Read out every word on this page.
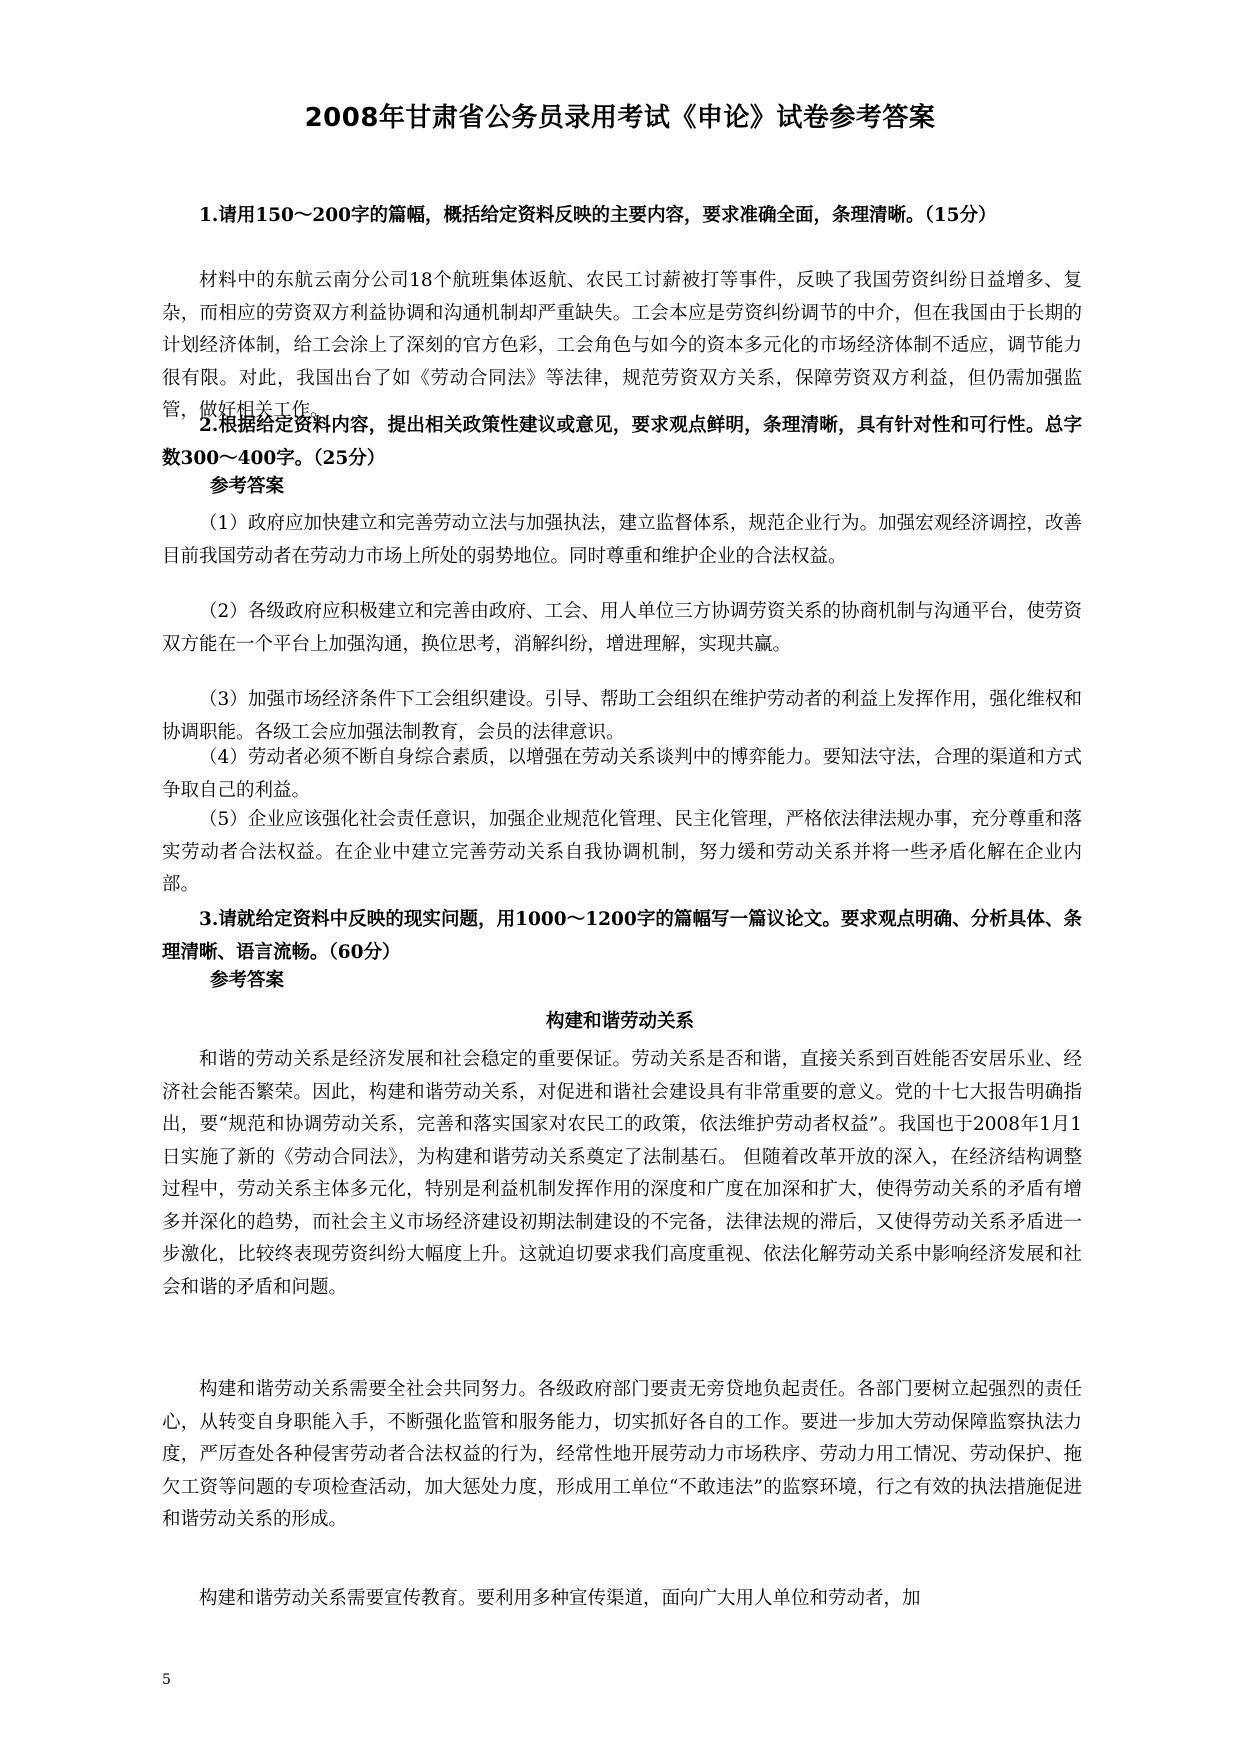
2008年甘肃省公务员录用考试《申论》试卷参考答案

1.请用150～200字的篇幅，概括给定资料反映的主要内容，要求准确全面，条理清晰。（15分）

材料中的东航云南分公司18个航班集体返航、农民工讨薪被打等事件，反映了我国劳资纠纷日益增多、复杂，而相应的劳资双方利益协调和沟通机制却严重缺失。工会本应是劳资纠纷调节的中介，但在我国由于长期的计划经济体制，给工会涂上了深刻的官方色彩，工会角色与如今的资本多元化的市场经济体制不适应，调节能力很有限。对此，我国出台了如《劳动合同法》等法律，规范劳资双方关系，保障劳资双方利益，但仍需加强监管，做好相关工作。

2.根据给定资料内容，提出相关政策性建议或意见，要求观点鲜明，条理清晰，具有针对性和可行性。总字数300～400字。（25分）

参考答案

（1）政府应加快建立和完善劳动立法与加强执法，建立监督体系，规范企业行为。加强宏观经济调控，改善目前我国劳动者在劳动力市场上所处的弱势地位。同时尊重和维护企业的合法权益。

（2）各级政府应积极建立和完善由政府、工会、用人单位三方协调劳资关系的协商机制与沟通平台，使劳资双方能在一个平台上加强沟通，换位思考，消解纠纷，增进理解，实现共赢。

（3）加强市场经济条件下工会组织建设。引导、帮助工会组织在维护劳动者的利益上发挥作用，强化维权和协调职能。各级工会应加强法制教育，会员的法律意识。

（4）劳动者必须不断自身综合素质，以增强在劳动关系谈判中的博弈能力。要知法守法，合理的渠道和方式争取自己的利益。

（5）企业应该强化社会责任意识，加强企业规范化管理、民主化管理，严格依法律法规办事，充分尊重和落实劳动者合法权益。在企业中建立完善劳动关系自我协调机制，努力缓和劳动关系并将一些矛盾化解在企业内部。

3.请就给定资料中反映的现实问题，用1000～1200字的篇幅写一篇议论文。要求观点明确、分析具体、条理清晰、语言流畅。（60分）

参考答案

构建和谐劳动关系

和谐的劳动关系是经济发展和社会稳定的重要保证。劳动关系是否和谐，直接关系到百姓能否安居乐业、经济社会能否繁荣。因此，构建和谐劳动关系，对促进和谐社会建设具有非常重要的意义。党的十七大报告明确指出，要“规范和协调劳动关系，完善和落实国家对农民工的政策，依法维护劳动者权益”。我国也于2008年1月1日实施了新的《劳动合同法》，为构建和谐劳动关系奠定了法制基石。 但随着改革开放的深入，在经济结构调整过程中，劳动关系主体多元化，特别是利益机制发挥作用的深度和广度在加深和扩大，使得劳动关系的矛盾有增多并深化的趋势，而社会主义市场经济建设初期法制建设的不完备，法律法规的滞后，又使得劳动关系矛盾进一步激化，比较终表现劳资纠纷大幅度上升。这就迫切要求我们高度重视、依法化解劳动关系中影响经济发展和社会和谐的矛盾和问题。

构建和谐劳动关系需要全社会共同努力。各级政府部门要责无旁贷地负起责任。各部门要树立起强烈的责任心，从转变自身职能入手，不断强化监管和服务能力，切实抓好各自的工作。要进一步加大劳动保障监察执法力度，严厉查处各种侵害劳动者合法权益的行为，经常性地开展劳动力市场秩序、劳动力用工情况、劳动保护、拖欠工资等问题的专项检查活动，加大惩处力度，形成用工单位“不敢违法”的监察环境，行之有效的执法措施促进和谐劳动关系的形成。

构建和谐劳动关系需要宣传教育。要利用多种宣传渠道，面向广大用人单位和劳动者，加

5
